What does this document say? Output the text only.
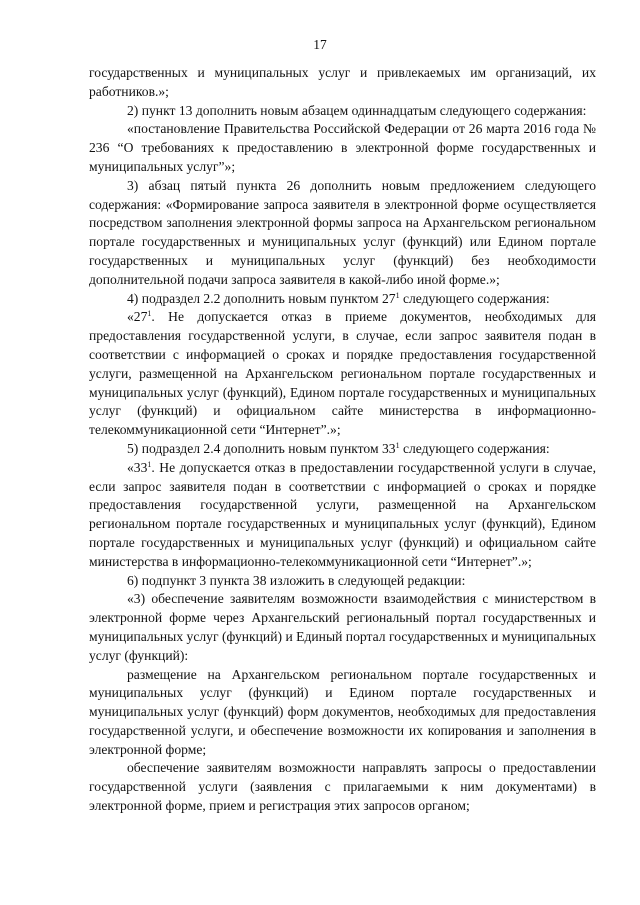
17

государственных и муниципальных услуг и привлекаемых им организаций, их работников.»;

2) пункт 13 дополнить новым абзацем одиннадцатым следующего содержания:

«постановление Правительства Российской Федерации от 26 марта 2016 года № 236 “О требованиях к предоставлению в электронной форме государственных и муниципальных услуг”»;

3) абзац пятый пункта 26 дополнить новым предложением следующего содержания: «Формирование запроса заявителя в электронной форме осуществляется посредством заполнения электронной формы запроса на Архангельском региональном портале государственных и муниципальных услуг (функций) или Едином портале государственных и муниципальных услуг (функций) без необходимости дополнительной подачи запроса заявителя в какой-либо иной форме.»;

4) подраздел 2.2 дополнить новым пунктом $27^1$ следующего содержания:

«$27^1$. Не допускается отказ в приеме документов, необходимых для предоставления государственной услуги, в случае, если запрос заявителя подан в соответствии с информацией о сроках и порядке предоставления государственной услуги, размещенной на Архангельском региональном портале государственных и муниципальных услуг (функций), Едином портале государственных и муниципальных услуг (функций) и официальном сайте министерства в информационно-телекоммуникационной сети “Интернет”.»;

5) подраздел 2.4 дополнить новым пунктом $33^1$ следующего содержания:

«$33^1$. Не допускается отказ в предоставлении государственной услуги в случае, если запрос заявителя подан в соответствии с информацией о сроках и порядке предоставления государственной услуги, размещенной на Архангельском региональном портале государственных и муниципальных услуг (функций), Едином портале государственных и муниципальных услуг (функций) и официальном сайте министерства в информационно-телекоммуникационной сети “Интернет”.»;

6) подпункт 3 пункта 38 изложить в следующей редакции:

«3) обеспечение заявителям возможности взаимодействия с министерством в электронной форме через Архангельский региональный портал государственных и муниципальных услуг (функций) и Единый портал государственных и муниципальных услуг (функций):

размещение на Архангельском региональном портале государственных и муниципальных услуг (функций) и Едином портале государственных и муниципальных услуг (функций) форм документов, необходимых для предоставления государственной услуги, и обеспечение возможности их копирования и заполнения в электронной форме;

обеспечение заявителям возможности направлять запросы о предоставлении государственной услуги (заявления с прилагаемыми к ним документами) в электронной форме, прием и регистрация этих запросов органом;
